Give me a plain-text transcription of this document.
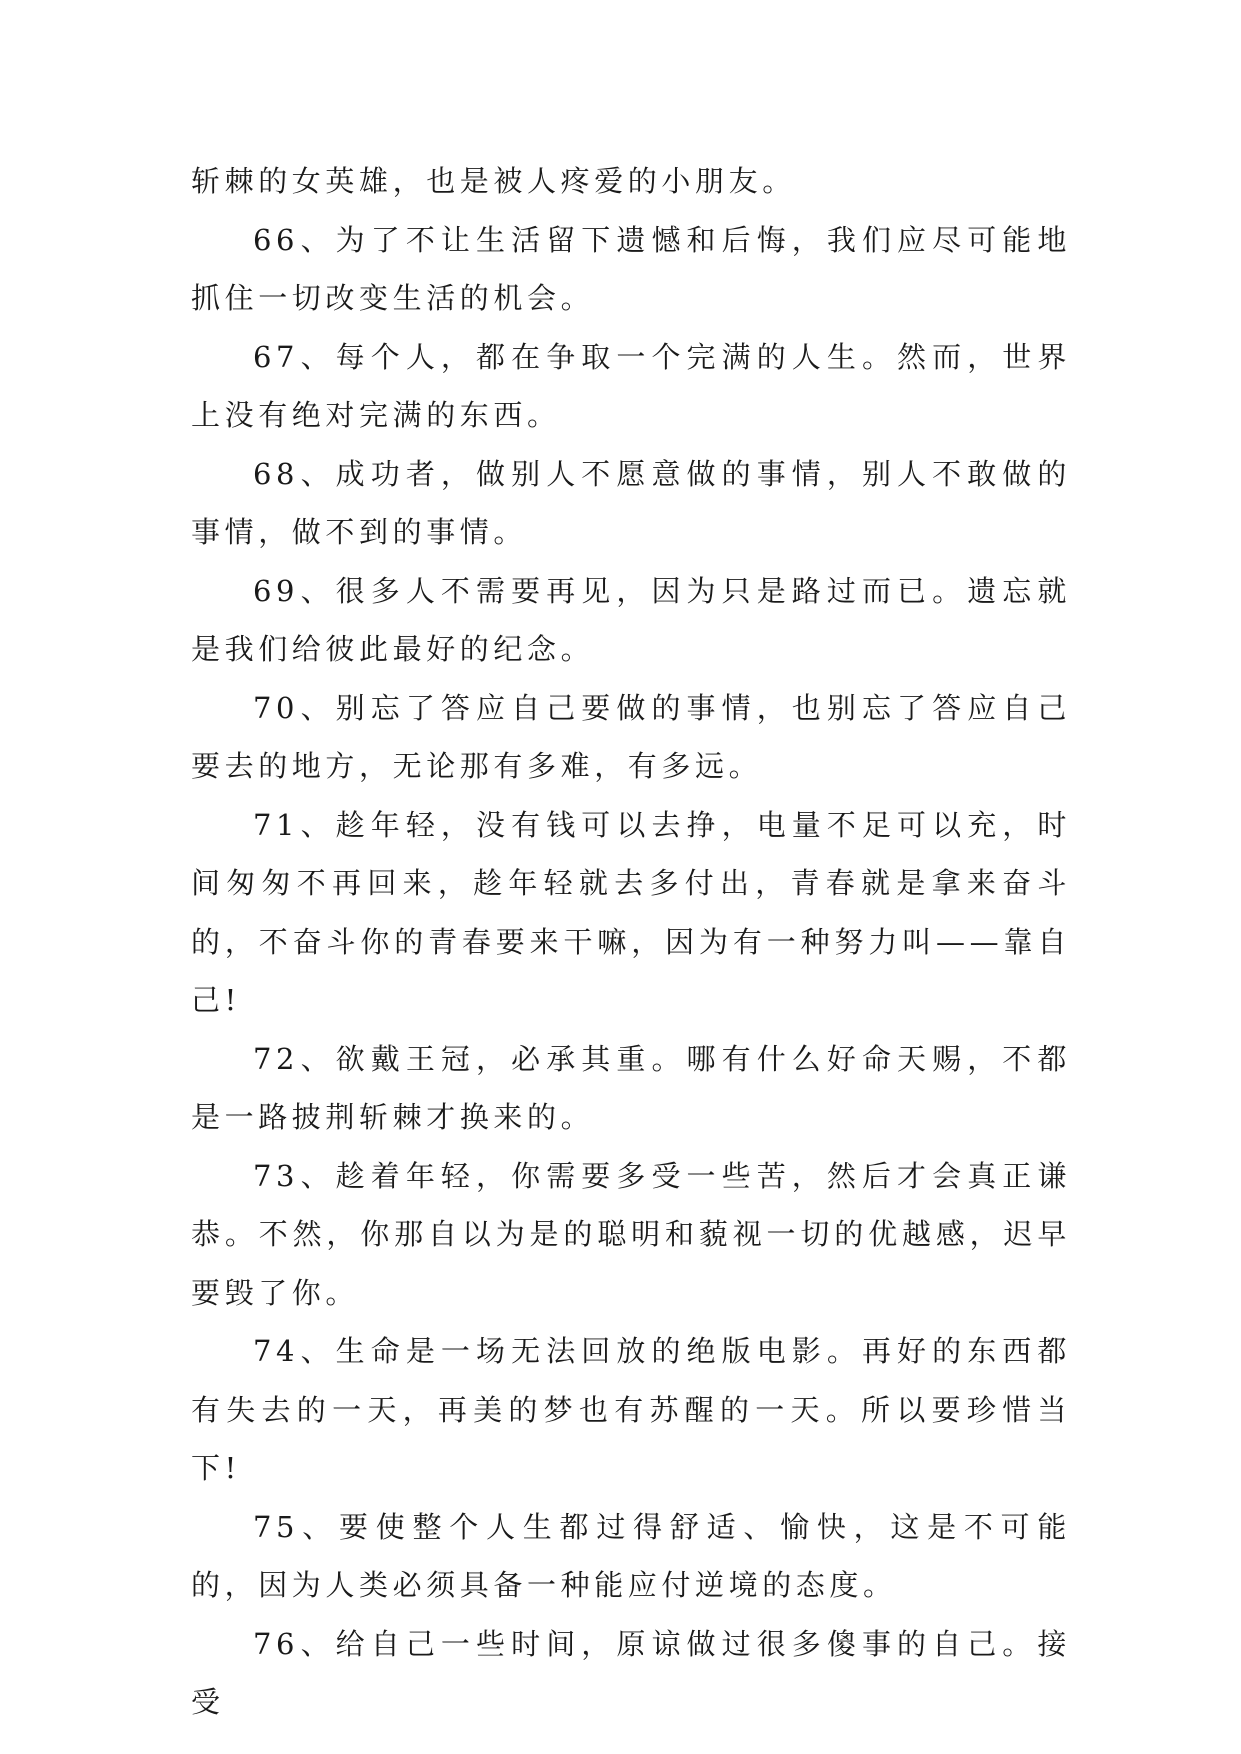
斩棘的女英雄，也是被人疼爱的小朋友。

66、为了不让生活留下遗憾和后悔，我们应尽可能地抓住一切改变生活的机会。

67、每个人，都在争取一个完满的人生。然而，世界上没有绝对完满的东西。

68、成功者，做别人不愿意做的事情，别人不敢做的事情，做不到的事情。

69、很多人不需要再见，因为只是路过而已。遗忘就是我们给彼此最好的纪念。

70、别忘了答应自己要做的事情，也别忘了答应自己要去的地方，无论那有多难，有多远。

71、趁年轻，没有钱可以去挣，电量不足可以充，时间匆匆不再回来，趁年轻就去多付出，青春就是拿来奋斗的，不奋斗你的青春要来干嘛，因为有一种努力叫——靠自己!

72、欲戴王冠，必承其重。哪有什么好命天赐，不都是一路披荆斩棘才换来的。

73、趁着年轻，你需要多受一些苦，然后才会真正谦恭。不然，你那自以为是的聪明和藐视一切的优越感，迟早要毁了你。

74、生命是一场无法回放的绝版电影。再好的东西都有失去的一天，再美的梦也有苏醒的一天。所以要珍惜当下!

75、要使整个人生都过得舒适、愉快，这是不可能的，因为人类必须具备一种能应付逆境的态度。

76、给自己一些时间，原谅做过很多傻事的自己。接受
